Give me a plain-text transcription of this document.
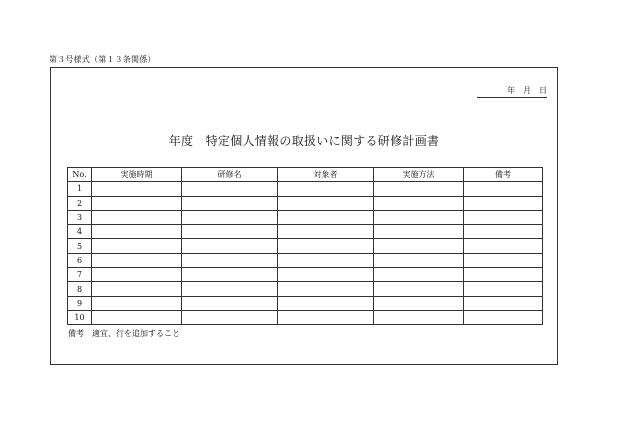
第３号様式（第１３条関係）
年　月　日
年度　特定個人情報の取扱いに関する研修計画書
No.	実施時期	研修名	対象者	実施方法	備考
1					
2					
3					
4					
5					
6					
7					
8					
9					
10					
備考　適宜、行を追加すること
